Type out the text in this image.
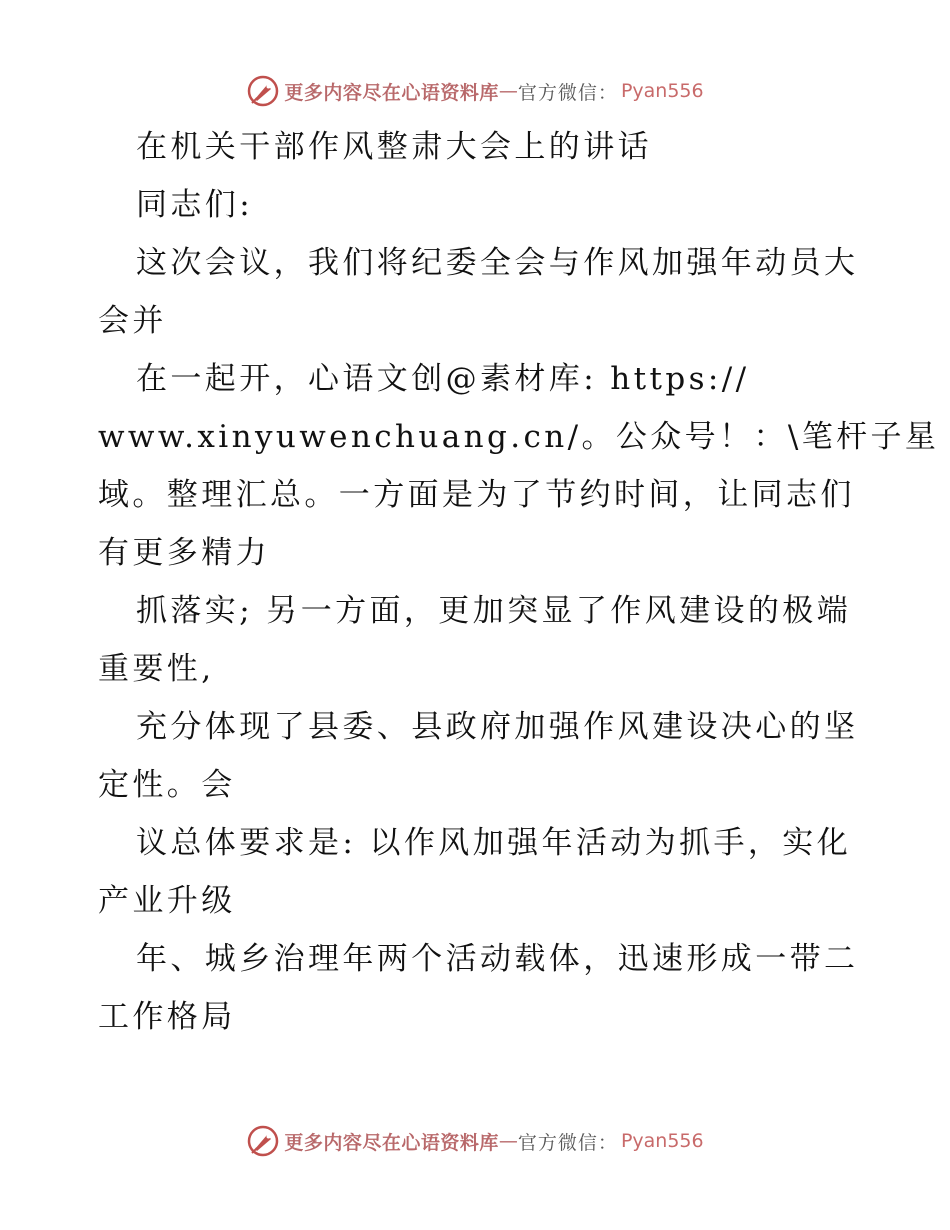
更多内容尽在心语资料库 — 官方微信 ： Pyan556
在机关干部作风整肃大会上的讲话
同志们:
这次会议，我们将纪委全会与作风加强年动员大
会并
在一起开，心语文创@素材库: https://
www.xinyuwenchuang.cn/。公众号！：\笔杆子星
域。整理汇总。一方面是为了节约时间，让同志们
有更多精力
抓落实; 另一方面，更加突显了作风建设的极端
重要性,
充分体现了县委、县政府加强作风建设决心的坚
定性。会
议总体要求是: 以作风加强年活动为抓手，实化
产业升级
年、城乡治理年两个活动载体，迅速形成一带二
工作格局
更多内容尽在心语资料库 — 官方微信 ： Pyan556
